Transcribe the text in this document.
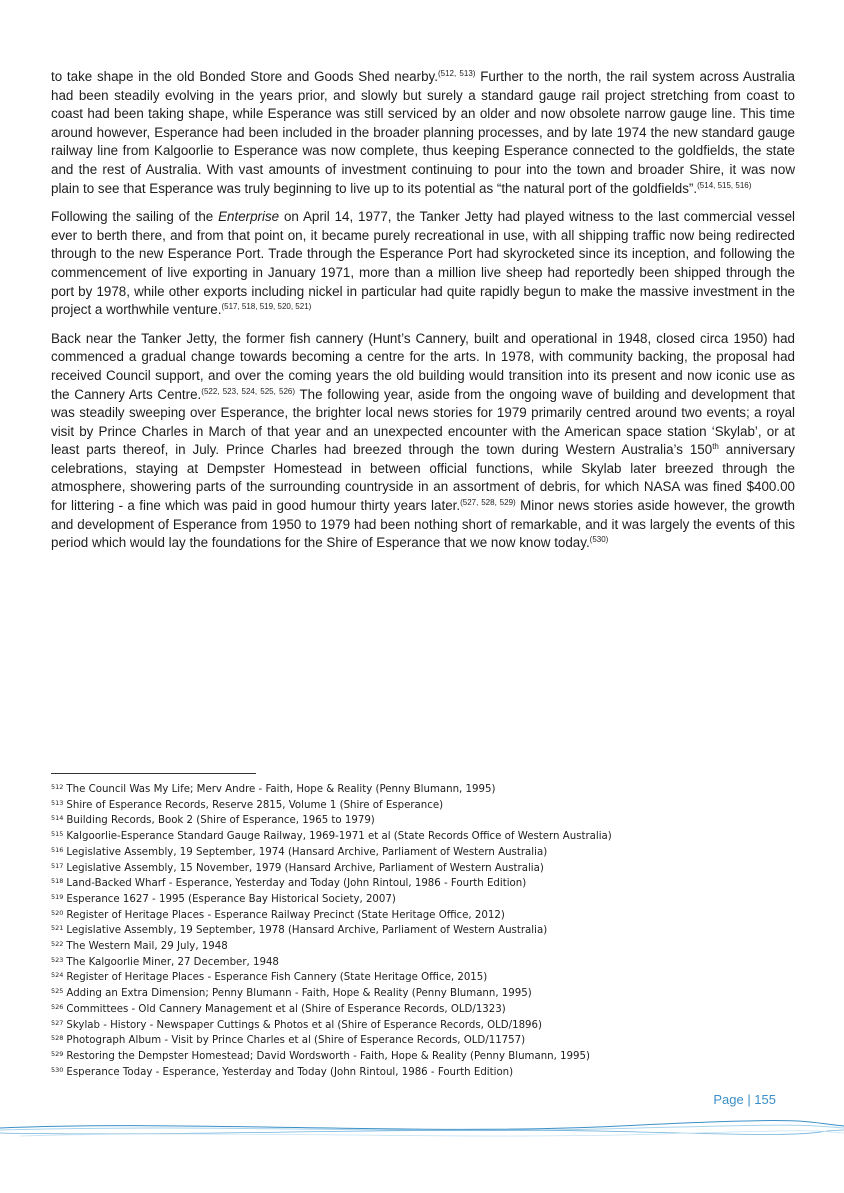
to take shape in the old Bonded Store and Goods Shed nearby.$^{(512, 513)}$ Further to the north, the rail system across Australia had been steadily evolving in the years prior, and slowly but surely a standard gauge rail project stretching from coast to coast had been taking shape, while Esperance was still serviced by an older and now obsolete narrow gauge line. This time around however, Esperance had been included in the broader planning processes, and by late 1974 the new standard gauge railway line from Kalgoorlie to Esperance was now complete, thus keeping Esperance connected to the goldfields, the state and the rest of Australia. With vast amounts of investment continuing to pour into the town and broader Shire, it was now plain to see that Esperance was truly beginning to live up to its potential as “the natural port of the goldfields”.$^{(514, 515, 516)}$

Following the sailing of the Enterprise on April 14, 1977, the Tanker Jetty had played witness to the last commercial vessel ever to berth there, and from that point on, it became purely recreational in use, with all shipping traffic now being redirected through to the new Esperance Port. Trade through the Esperance Port had skyrocketed since its inception, and following the commencement of live exporting in January 1971, more than a million live sheep had reportedly been shipped through the port by 1978, while other exports including nickel in particular had quite rapidly begun to make the massive investment in the project a worthwhile venture.$^{(517, 518, 519, 520, 521)}$

Back near the Tanker Jetty, the former fish cannery (Hunt’s Cannery, built and operational in 1948, closed circa 1950) had commenced a gradual change towards becoming a centre for the arts. In 1978, with community backing, the proposal had received Council support, and over the coming years the old building would transition into its present and now iconic use as the Cannery Arts Centre.$^{(522, 523, 524, 525, 526)}$ The following year, aside from the ongoing wave of building and development that was steadily sweeping over Esperance, the brighter local news stories for 1979 primarily centred around two events; a royal visit by Prince Charles in March of that year and an unexpected encounter with the American space station ‘Skylab’, or at least parts thereof, in July. Prince Charles had breezed through the town during Western Australia’s 150th anniversary celebrations, staying at Dempster Homestead in between official functions, while Skylab later breezed through the atmosphere, showering parts of the surrounding countryside in an assortment of debris, for which NASA was fined $400.00 for littering - a fine which was paid in good humour thirty years later.$^{(527, 528, 529)}$ Minor news stories aside however, the growth and development of Esperance from 1950 to 1979 had been nothing short of remarkable, and it was largely the events of this period which would lay the foundations for the Shire of Esperance that we now know today.$^{(530)}$

$^{512}$ The Council Was My Life; Merv Andre - Faith, Hope & Reality (Penny Blumann, 1995)
$^{513}$ Shire of Esperance Records, Reserve 2815, Volume 1 (Shire of Esperance)
$^{514}$ Building Records, Book 2 (Shire of Esperance, 1965 to 1979)
$^{515}$ Kalgoorlie-Esperance Standard Gauge Railway, 1969-1971 et al (State Records Office of Western Australia)
$^{516}$ Legislative Assembly, 19 September, 1974 (Hansard Archive, Parliament of Western Australia)
$^{517}$ Legislative Assembly, 15 November, 1979 (Hansard Archive, Parliament of Western Australia)
$^{518}$ Land-Backed Wharf - Esperance, Yesterday and Today (John Rintoul, 1986 - Fourth Edition)
$^{519}$ Esperance 1627 - 1995 (Esperance Bay Historical Society, 2007)
$^{520}$ Register of Heritage Places - Esperance Railway Precinct (State Heritage Office, 2012)
$^{521}$ Legislative Assembly, 19 September, 1978 (Hansard Archive, Parliament of Western Australia)
$^{522}$ The Western Mail, 29 July, 1948
$^{523}$ The Kalgoorlie Miner, 27 December, 1948
$^{524}$ Register of Heritage Places - Esperance Fish Cannery (State Heritage Office, 2015)
$^{525}$ Adding an Extra Dimension; Penny Blumann - Faith, Hope & Reality (Penny Blumann, 1995)
$^{526}$ Committees - Old Cannery Management et al (Shire of Esperance Records, OLD/1323)
$^{527}$ Skylab - History - Newspaper Cuttings & Photos et al (Shire of Esperance Records, OLD/1896)
$^{528}$ Photograph Album - Visit by Prince Charles et al (Shire of Esperance Records, OLD/11757)
$^{529}$ Restoring the Dempster Homestead; David Wordsworth - Faith, Hope & Reality (Penny Blumann, 1995)
$^{530}$ Esperance Today - Esperance, Yesterday and Today (John Rintoul, 1986 - Fourth Edition)
Page | 155
